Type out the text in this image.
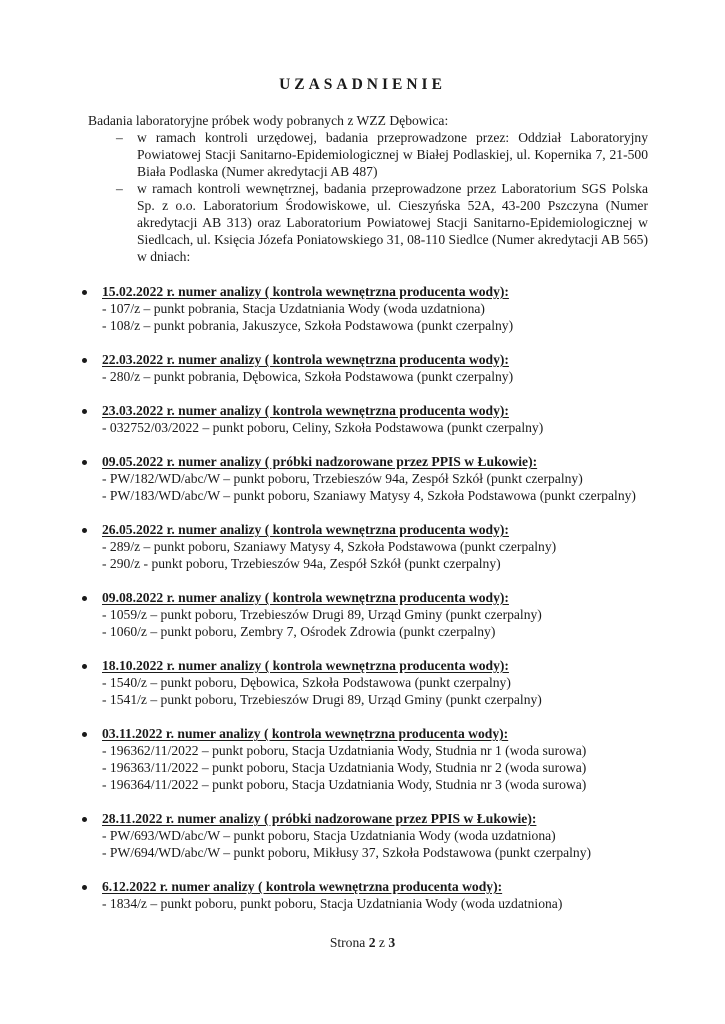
UZASADNIENIE
Badania laboratoryjne próbek wody pobranych z WZZ Dębowica:
– w ramach kontroli urzędowej, badania przeprowadzone przez: Oddział Laboratoryjny Powiatowej Stacji Sanitarno-Epidemiologicznej w Białej Podlaskiej, ul. Kopernika 7, 21-500 Biała Podlaska (Numer akredytacji AB 487)
– w ramach kontroli wewnętrznej, badania przeprowadzone przez Laboratorium SGS Polska Sp. z o.o. Laboratorium Środowiskowe, ul. Cieszyńska 52A, 43-200 Pszczyna (Numer akredytacji AB 313) oraz Laboratorium Powiatowej Stacji Sanitarno-Epidemiologicznej w Siedlcach, ul. Księcia Józefa Poniatowskiego 31, 08-110 Siedlce (Numer akredytacji AB 565) w dniach:
15.02.2022 r. numer analizy ( kontrola wewnętrzna producenta wody):
- 107/z – punkt pobrania, Stacja Uzdatniania Wody (woda uzdatniona)
- 108/z – punkt pobrania, Jakuszyce, Szkoła Podstawowa (punkt czerpalny)
22.03.2022 r. numer analizy ( kontrola wewnętrzna producenta wody):
- 280/z – punkt pobrania, Dębowica, Szkoła Podstawowa (punkt czerpalny)
23.03.2022 r. numer analizy ( kontrola wewnętrzna producenta wody):
- 032752/03/2022 – punkt poboru, Celiny, Szkoła Podstawowa (punkt czerpalny)
09.05.2022 r. numer analizy ( próbki nadzorowane przez PPIS w Łukowie):
- PW/182/WD/abc/W – punkt poboru, Trzebieszów 94a, Zespół Szkół (punkt czerpalny)
- PW/183/WD/abc/W – punkt poboru, Szaniawy Matysy 4, Szkoła Podstawowa (punkt czerpalny)
26.05.2022 r. numer analizy ( kontrola wewnętrzna producenta wody):
- 289/z – punkt poboru, Szaniawy Matysy 4, Szkoła Podstawowa (punkt czerpalny)
- 290/z - punkt poboru, Trzebieszów 94a, Zespół Szkół (punkt czerpalny)
09.08.2022 r. numer analizy ( kontrola wewnętrzna producenta wody):
- 1059/z – punkt poboru, Trzebieszów Drugi 89, Urząd Gminy (punkt czerpalny)
- 1060/z – punkt poboru, Zembry 7, Ośrodek Zdrowia (punkt czerpalny)
18.10.2022 r. numer analizy ( kontrola wewnętrzna producenta wody):
- 1540/z – punkt poboru, Dębowica, Szkoła Podstawowa (punkt czerpalny)
- 1541/z – punkt poboru, Trzebieszów Drugi 89, Urząd Gminy (punkt czerpalny)
03.11.2022 r. numer analizy ( kontrola wewnętrzna producenta wody):
- 196362/11/2022 – punkt poboru, Stacja Uzdatniania Wody, Studnia nr 1 (woda surowa)
- 196363/11/2022 – punkt poboru, Stacja Uzdatniania Wody, Studnia nr 2 (woda surowa)
- 196364/11/2022 – punkt poboru, Stacja Uzdatniania Wody, Studnia nr 3 (woda surowa)
28.11.2022 r. numer analizy ( próbki nadzorowane przez PPIS w Łukowie):
- PW/693/WD/abc/W – punkt poboru, Stacja Uzdatniania Wody (woda uzdatniona)
- PW/694/WD/abc/W – punkt poboru, Mikłusy 37, Szkoła Podstawowa (punkt czerpalny)
6.12.2022 r. numer analizy ( kontrola wewnętrzna producenta wody):
- 1834/z – punkt poboru, punkt poboru, Stacja Uzdatniania Wody (woda uzdatniona)
Strona 2 z 3
